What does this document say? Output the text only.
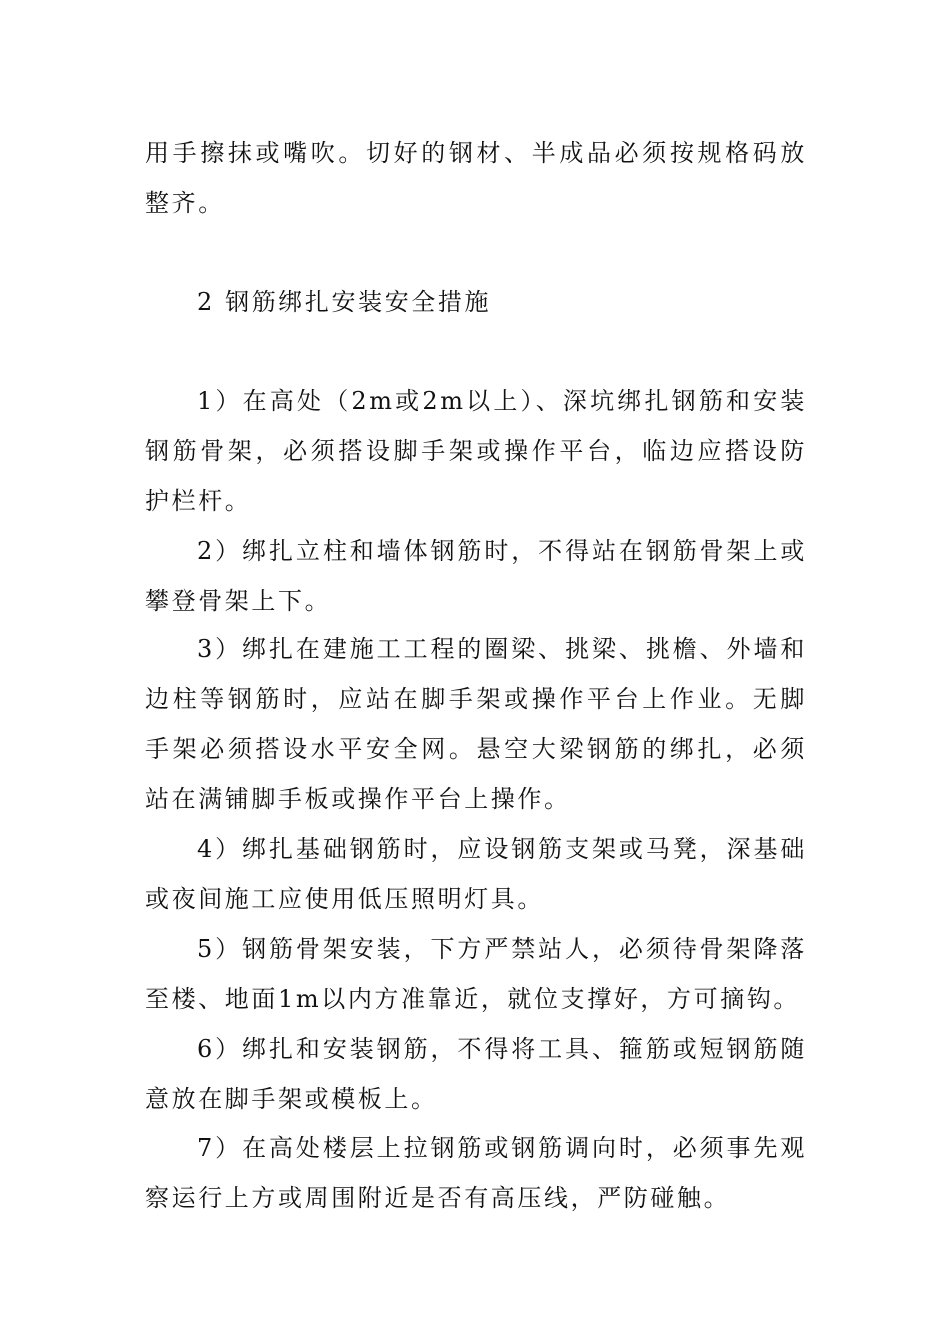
用手擦抹或嘴吹。切好的钢材、半成品必须按规格码放整齐。

2 钢筋绑扎安装安全措施

1）在高处（2m或2m以上）、深坑绑扎钢筋和安装钢筋骨架，必须搭设脚手架或操作平台，临边应搭设防护栏杆。

2）绑扎立柱和墙体钢筋时，不得站在钢筋骨架上或攀登骨架上下。

3）绑扎在建施工工程的圈梁、挑梁、挑檐、外墙和边柱等钢筋时，应站在脚手架或操作平台上作业。无脚手架必须搭设水平安全网。悬空大梁钢筋的绑扎，必须站在满铺脚手板或操作平台上操作。

4）绑扎基础钢筋时，应设钢筋支架或马凳，深基础或夜间施工应使用低压照明灯具。

5）钢筋骨架安装，下方严禁站人，必须待骨架降落至楼、地面1m以内方准靠近，就位支撑好，方可摘钩。

6）绑扎和安装钢筋，不得将工具、箍筋或短钢筋随意放在脚手架或模板上。

7）在高处楼层上拉钢筋或钢筋调向时，必须事先观察运行上方或周围附近是否有高压线，严防碰触。
